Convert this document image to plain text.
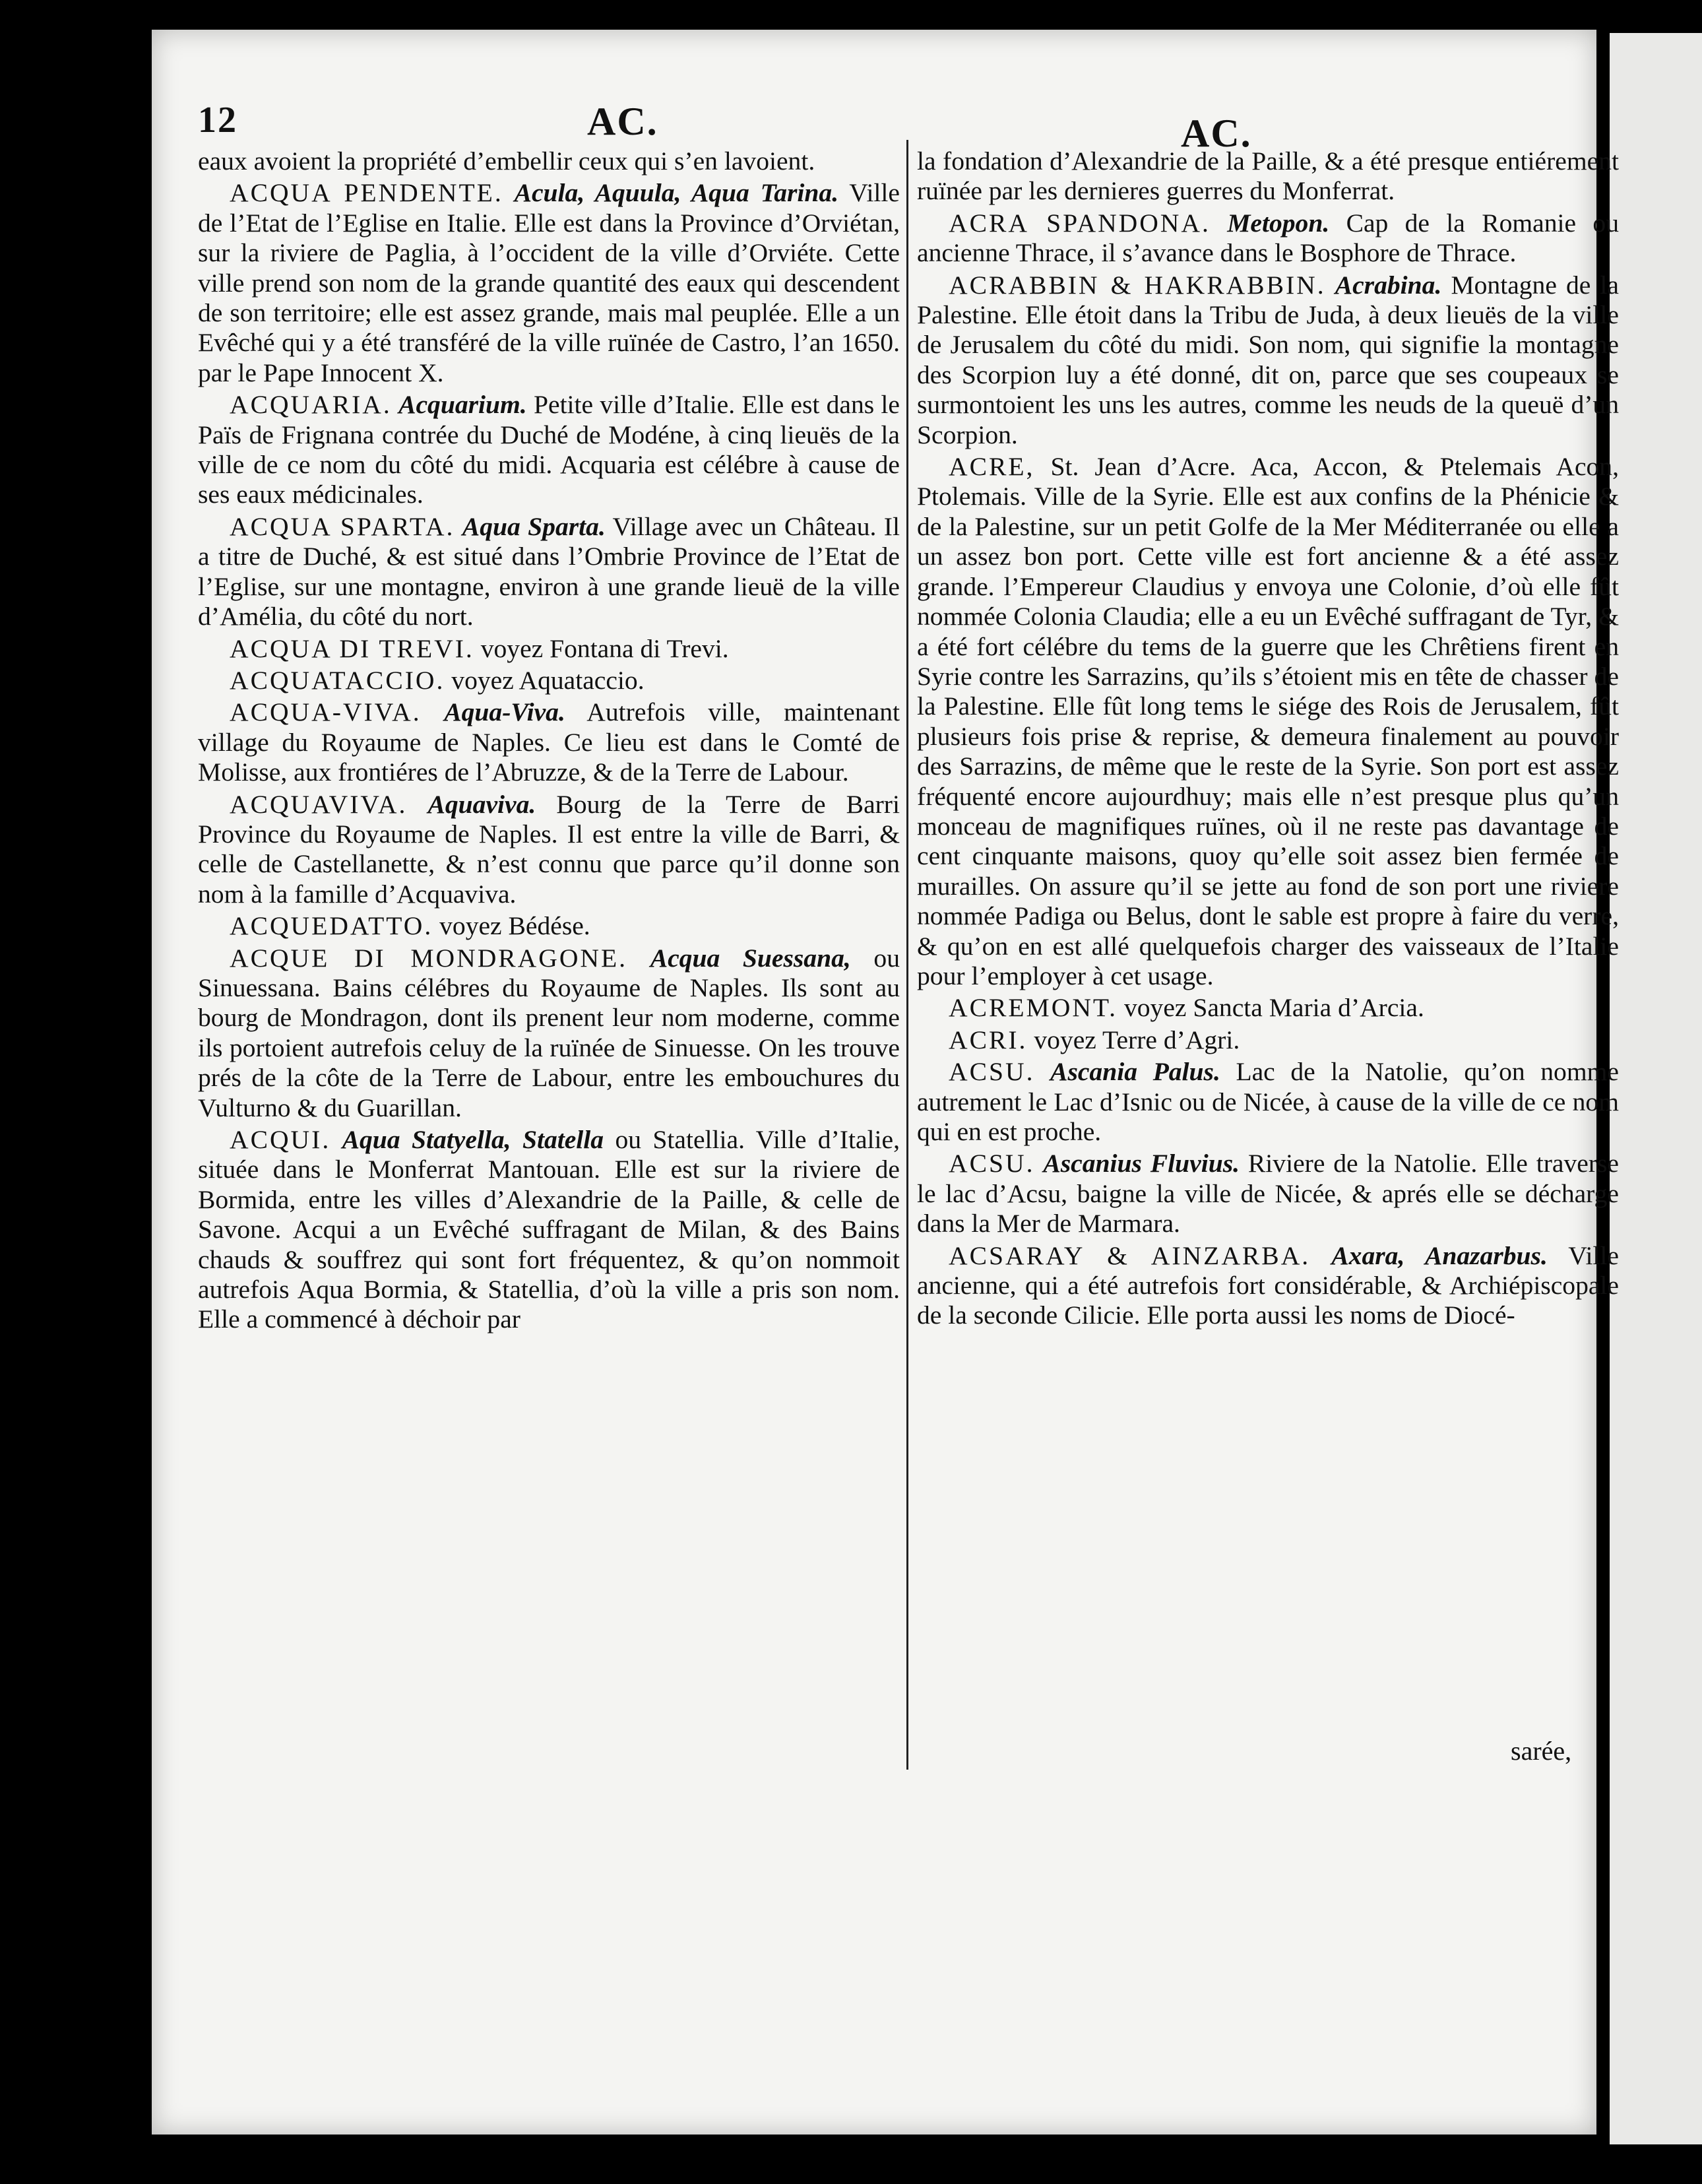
12	AC.	AC.

eaux avoient la propriété d’embellir ceux qui s’en lavoient.

ACQUA PENDENTE. Acula, Aquula, Aqua Tarina. Ville de l’Etat de l’Eglise en Italie. Elle est dans la Province d’Orviétan, sur la riviere de Paglia, à l’occident de la ville d’Orviéte. Cette ville prend son nom de la grande quantité des eaux qui descendent de son territoire; elle est assez grande, mais mal peuplée. Elle a un Evêché qui y a été transféré de la ville ruïnée de Castro, l’an 1650. par le Pape Innocent X.

ACQUARIA. Acquarium. Petite ville d’Italie. Elle est dans le Païs de Frignana contrée du Duché de Modéne, à cinq lieuës de la ville de ce nom du côté du midi. Acquaria est célébre à cause de ses eaux médicinales.

ACQUA SPARTA. Aqua Sparta. Village avec un Château. Il a titre de Duché, & est situé dans l’Ombrie Province de l’Etat de l’Eglise, sur une montagne, environ à une grande lieuë de la ville d’Amélia, du côté du nort.

ACQUA DI TREVI. voyez Fontana di Trevi.

ACQUATACCIO. voyez Aquataccio.

ACQUA-VIVA. Aqua-Viva. Autrefois ville, maintenant village du Royaume de Naples. Ce lieu est dans le Comté de Molisse, aux frontiéres de l’Abruzze, & de la Terre de Labour.

ACQUAVIVA. Aquaviva. Bourg de la Terre de Barri Province du Royaume de Naples. Il est entre la ville de Barri, & celle de Castellanette, & n’est connu que parce qu’il donne son nom à la famille d’Acquaviva.

ACQUEDATTO. voyez Bédése.

ACQUE DI MONDRAGONE. Acqua Suessana, ou Sinuessana. Bains célébres du Royaume de Naples. Ils sont au bourg de Mondragon, dont ils prenent leur nom moderne, comme ils portoient autrefois celuy de la ruïnée de Sinuesse. On les trouve prés de la côte de la Terre de Labour, entre les embouchures du Vulturno & du Guarillan.

ACQUI. Aqua Statyella, Statella ou Statellia. Ville d’Italie, située dans le Monferrat Mantouan. Elle est sur la riviere de Bormida, entre les villes d’Alexandrie de la Paille, & celle de Savone. Acqui a un Evêché suffragant de Milan, & des Bains chauds & souffrez qui sont fort fréquentez, & qu’on nommoit autrefois Aqua Bormia, & Statellia, d’où la ville a pris son nom. Elle a commencé à déchoir par

la fondation d’Alexandrie de la Paille, & a été presque entiérement ruïnée par les dernieres guerres du Monferrat.

ACRA SPANDONA. Metopon. Cap de la Romanie ou ancienne Thrace, il s’avance dans le Bosphore de Thrace.

ACRABBIN & HAKRABBIN. Acrabina. Montagne de la Palestine. Elle étoit dans la Tribu de Juda, à deux lieuës de la ville de Jerusalem du côté du midi. Son nom, qui signifie la montagne des Scorpion luy a été donné, dit on, parce que ses coupeaux se surmontoient les uns les autres, comme les neuds de la queuë d’un Scorpion.

ACRE, St. Jean d’Acre. Aca, Accon, & Ptelemais Acon, Ptolemais. Ville de la Syrie. Elle est aux confins de la Phénicie & de la Palestine, sur un petit Golfe de la Mer Méditerranée ou elle a un assez bon port. Cette ville est fort ancienne & a été assez grande. l’Empereur Claudius y envoya une Colonie, d’où elle fût nommée Colonia Claudia; elle a eu un Evêché suffragant de Tyr, & a été fort célébre du tems de la guerre que les Chrêtiens firent en Syrie contre les Sarrazins, qu’ils s’étoient mis en tête de chasser de la Palestine. Elle fût long tems le siége des Rois de Jerusalem, fût plusieurs fois prise & reprise, & demeura finalement au pouvoir des Sarrazins, de même que le reste de la Syrie. Son port est assez fréquenté encore aujourdhuy; mais elle n’est presque plus qu’un monceau de magnifiques ruïnes, où il ne reste pas davantage de cent cinquante maisons, quoy qu’elle soit assez bien fermée de murailles. On assure qu’il se jette au fond de son port une riviere nommée Padiga ou Belus, dont le sable est propre à faire du verre, & qu’on en est allé quelquefois charger des vaisseaux de l’Italie pour l’employer à cet usage.

ACREMONT. voyez Sancta Maria d’Arcia.

ACRI. voyez Terre d’Agri.

ACSU. Ascania Palus. Lac de la Natolie, qu’on nomme autrement le Lac d’Isnic ou de Nicée, à cause de la ville de ce nom qui en est proche.

ACSU. Ascanius Fluvius. Riviere de la Natolie. Elle traverse le lac d’Acsu, baigne la ville de Nicée, & aprés elle se décharge dans la Mer de Marmara.

ACSARAY & AINZARBA. Axara, Anazarbus. Ville ancienne, qui a été autrefois fort considérable, & Archiépiscopale de la seconde Cilicie. Elle porta aussi les noms de Diocé-

sarée,
